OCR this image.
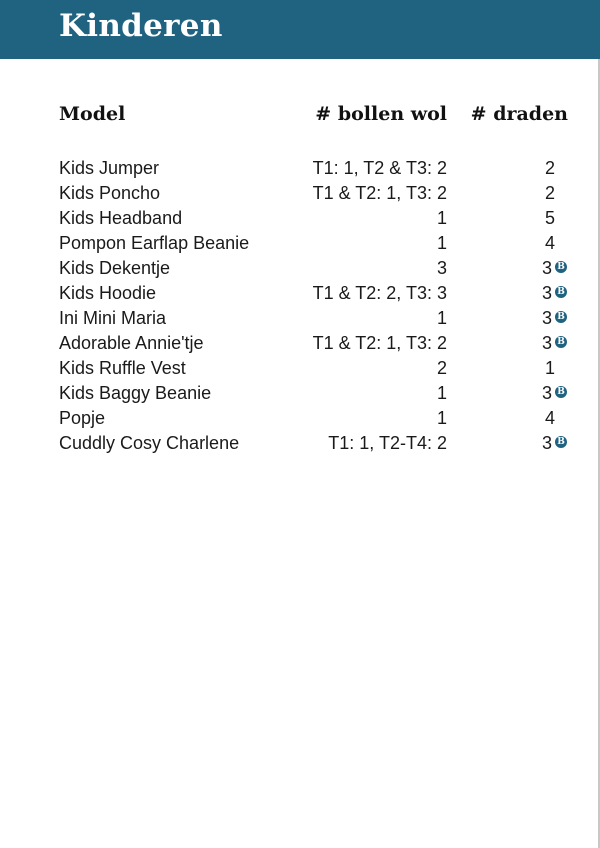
Kinderen
Model	# bollen wol # draden
Kids Jumper	T1: 1, T2 & T3: 2	2
Kids Poncho	T1 & T2: 1, T3: 2	2
Kids Headband	1	5
Pompon Earflap Beanie	1	4
Kids Dekentje	3	3 B
Kids Hoodie	T1 & T2: 2, T3: 3	3 B
Ini Mini Maria	1	3 B
Adorable Annie'tje	T1 & T2: 1, T3: 2	3 B
Kids Ruffle Vest	2	1
Kids Baggy Beanie	1	3 B
Popje	1	4
Cuddly Cosy Charlene	T1: 1, T2-T4: 2	3 B
